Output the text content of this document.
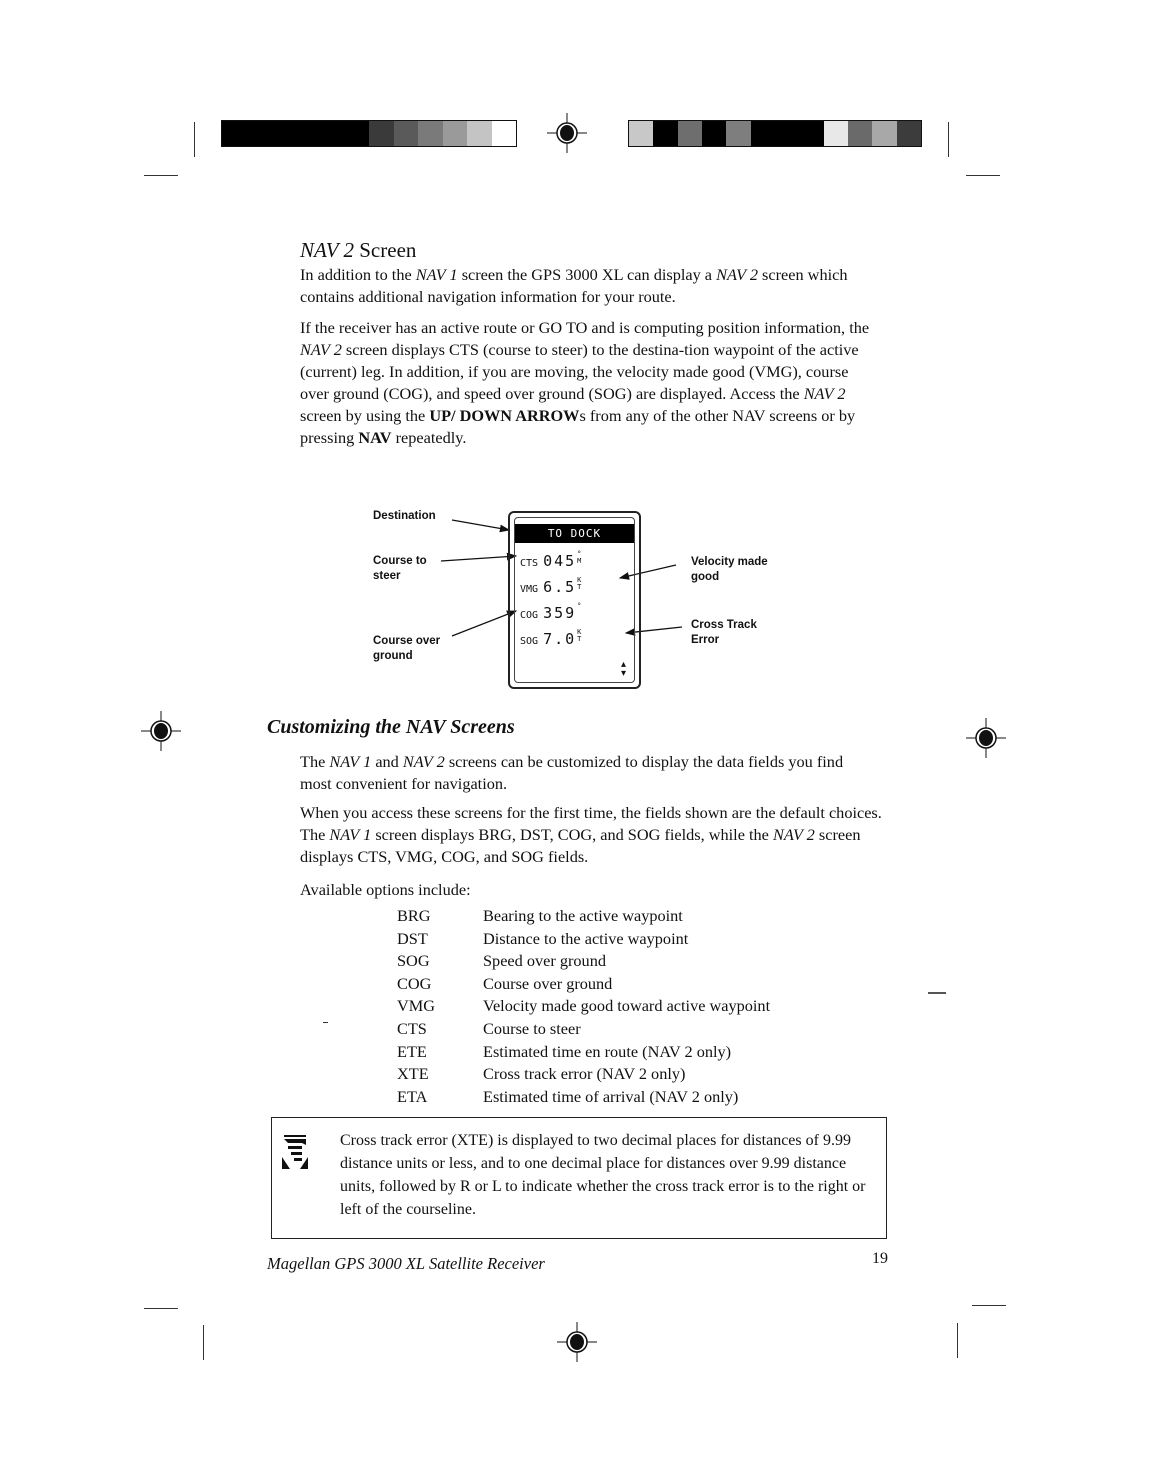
NAV 2 Screen
In addition to the NAV 1 screen the GPS 3000 XL can display a NAV 2 screen which contains additional navigation information for your route.
If the receiver has an active route or GO TO and is computing position information, the NAV 2 screen displays CTS (course to steer) to the destina-tion waypoint of the active (current) leg. In addition, if you are moving, the velocity made good (VMG), course over ground (COG), and speed over ground (SOG) are displayed. Access the NAV 2 screen by using the UP/ DOWN ARROWs from any of the other NAV screens or by pressing NAV repeatedly.
Destination
Course to steer
Course over ground
Velocity made good
Cross Track Error
TO DOCK
CTS 045°
M
VMG 6.5K
T
COG 359°

SOG 7.0K
T
▴
▾
Customizing the NAV Screens
The NAV 1 and NAV 2 screens can be customized to display the data fields you find most convenient for navigation.
When you access these screens for the first time, the fields shown are the default choices. The NAV 1 screen displays BRG, DST, COG, and SOG fields, while the NAV 2 screen displays CTS, VMG, COG, and SOG fields.
Available options include:
BRG	Bearing to the active waypoint
DST	Distance to the active waypoint
SOG	Speed over ground
COG	Course over ground
VMG	Velocity made good toward active waypoint
CTS	Course to steer
ETE	Estimated time en route (NAV 2 only)
XTE	Cross track error (NAV 2 only)
ETA	Estimated time of arrival (NAV 2 only)
Cross track error (XTE) is displayed to two decimal places for distances of 9.99 distance units or less, and to one decimal place for distances over 9.99 distance units, followed by R or L to indicate whether the cross track error is to the right or left of the courseline.
Magellan GPS 3000 XL Satellite Receiver	19
